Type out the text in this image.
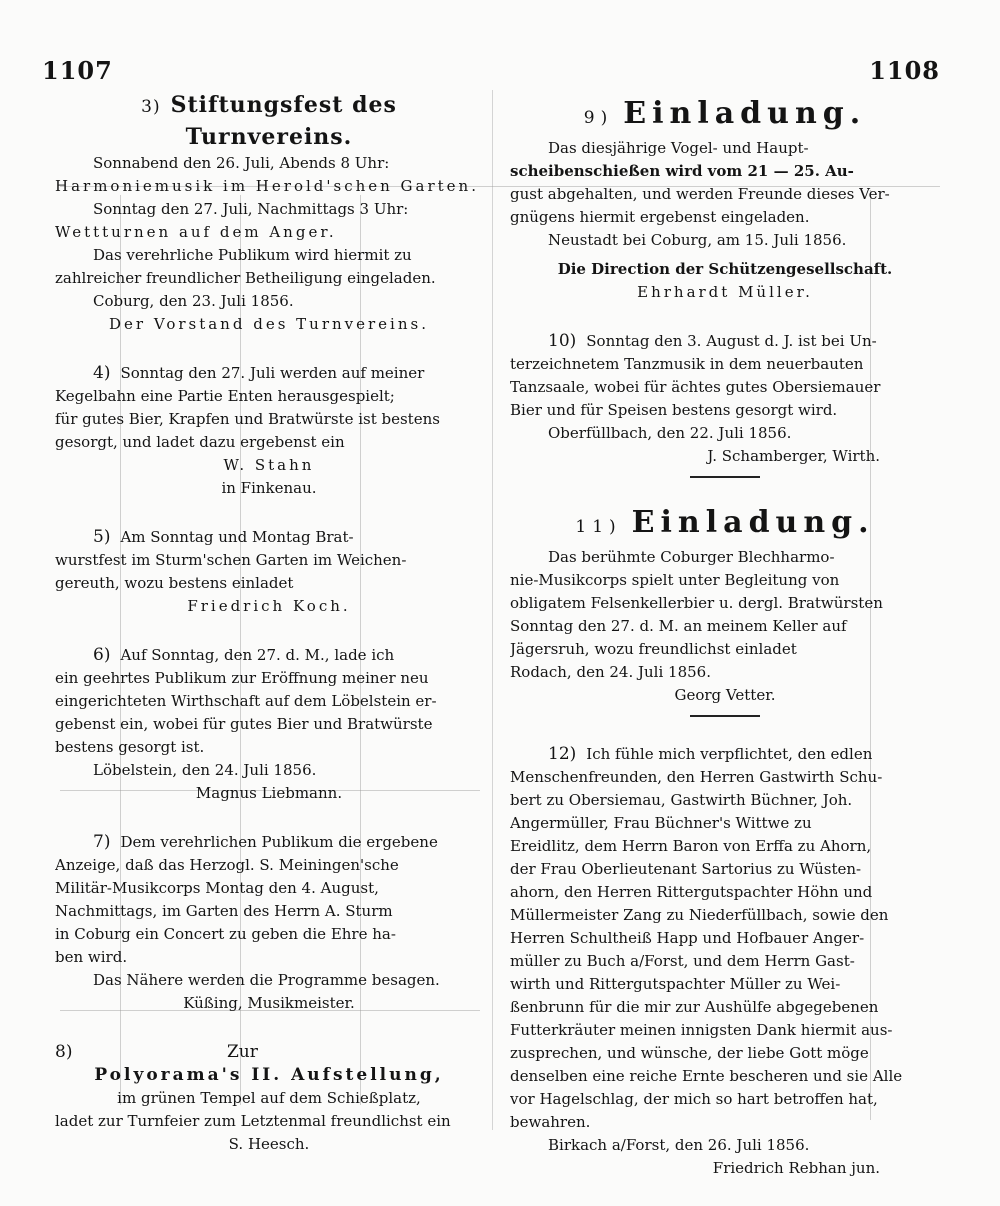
1107	1108
3) Stiftungsfest des Turnvereins.
Sonnabend den 26. Juli, Abends 8 Uhr:
Harmoniemusik im Herold'schen Garten.
Sonntag den 27. Juli, Nachmittags 3 Uhr:
Wettturnen auf dem Anger.
Das verehrliche Publikum wird hiermit zu
zahlreicher freundlicher Betheiligung eingeladen.
Coburg, den 23. Juli 1856.
Der Vorstand des Turnvereins.
4) Sonntag den 27. Juli werden auf meiner
Kegelbahn eine Partie Enten herausgespielt;
für gutes Bier, Krapfen und Bratwürste ist bestens
gesorgt, und ladet dazu ergebenst ein
W. Stahn
in Finkenau.
5) Am Sonntag und Montag Brat-
wurstfest im Sturm'schen Garten im Weichen-
gereuth, wozu bestens einladet
Friedrich Koch.
6) Auf Sonntag, den 27. d. M., lade ich
ein geehrtes Publikum zur Eröffnung meiner neu
eingerichteten Wirthschaft auf dem Löbelstein er-
gebenst ein, wobei für gutes Bier und Bratwürste
bestens gesorgt ist.
Löbelstein, den 24. Juli 1856.
Magnus Liebmann.
7) Dem verehrlichen Publikum die ergebene
Anzeige, daß das Herzogl. S. Meiningen'sche
Militär-Musikcorps Montag den 4. August,
Nachmittags, im Garten des Herrn A. Sturm
in Coburg ein Concert zu geben die Ehre ha-
ben wird.
Das Nähere werden die Programme besagen.
Küßing, Musikmeister.
8)	Zur
Polyorama's II. Aufstellung,
im grünen Tempel auf dem Schießplatz,
ladet zur Turnfeier zum Letztenmal freundlichst ein
S. Heesch.
9) Einladung.
Das diesjährige Vogel- und Haupt-
scheibenschießen wird vom 21 — 25. Au-
gust abgehalten, und werden Freunde dieses Ver-
gnügens hiermit ergebenst eingeladen.
Neustadt bei Coburg, am 15. Juli 1856.
Die Direction der Schützengesellschaft.
Ehrhardt Müller.
10) Sonntag den 3. August d. J. ist bei Un-
terzeichnetem Tanzmusik in dem neuerbauten
Tanzsaale, wobei für ächtes gutes Obersiemauer
Bier und für Speisen bestens gesorgt wird.
Oberfüllbach, den 22. Juli 1856.
J. Schamberger, Wirth.
11) Einladung.
Das berühmte Coburger Blechharmo-
nie-Musikcorps spielt unter Begleitung von
obligatem Felsenkellerbier u. dergl. Bratwürsten
Sonntag den 27. d. M. an meinem Keller auf
Jägersruh, wozu freundlichst einladet
Rodach, den 24. Juli 1856.
Georg Vetter.
12) Ich fühle mich verpflichtet, den edlen
Menschenfreunden, den Herren Gastwirth Schu-
bert zu Obersiemau, Gastwirth Büchner, Joh.
Angermüller, Frau Büchner's Wittwe zu
Ereidlitz, dem Herrn Baron von Erffa zu Ahorn,
der Frau Oberlieutenant Sartorius zu Wüsten-
ahorn, den Herren Rittergutspachter Höhn und
Müllermeister Zang zu Niederfüllbach, sowie den
Herren Schultheiß Happ und Hofbauer Anger-
müller zu Buch a/Forst, und dem Herrn Gast-
wirth und Rittergutspachter Müller zu Wei-
ßenbrunn für die mir zur Aushülfe abgegebenen
Futterkräuter meinen innigsten Dank hiermit aus-
zusprechen, und wünsche, der liebe Gott möge
denselben eine reiche Ernte bescheren und sie Alle
vor Hagelschlag, der mich so hart betroffen hat,
bewahren.
Birkach a/Forst, den 26. Juli 1856.
Friedrich Rebhan jun.
